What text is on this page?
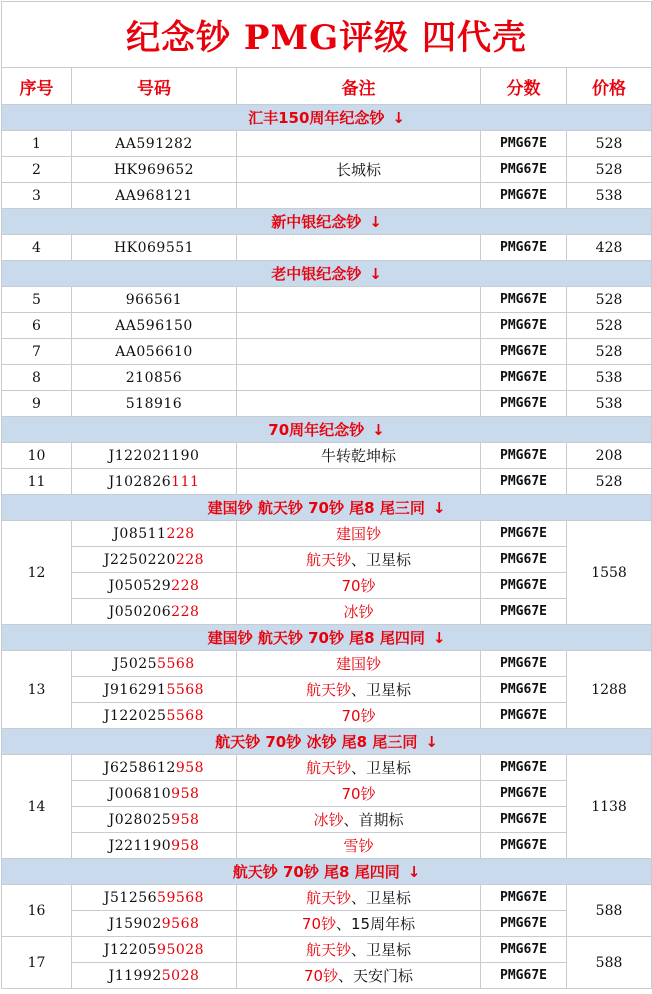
纪念钞 PMG评级 四代壳				
序号	号码	备注	分数	价格
汇丰150周年纪念钞 ↓				
1	AA591282		PMG67E	528
2	HK969652	长城标	PMG67E	528
3	AA968121		PMG67E	538
新中银纪念钞 ↓				
4	HK069551		PMG67E	428
老中银纪念钞 ↓				
5	966561		PMG67E	528
6	AA596150		PMG67E	528
7	AA056610		PMG67E	528
8	210856		PMG67E	538
9	518916		PMG67E	538
70周年纪念钞 ↓				
10	J122021190	牛转乾坤标	PMG67E	208
11	J102826111		PMG67E	528
建国钞 航天钞 70钞 尾8 尾三同 ↓				
12	J08511228	建国钞	PMG67E	1558
	J2250220228	航天钞、卫星标	PMG67E	
	J050529228	70钞	PMG67E	
	J050206228	冰钞	PMG67E	
建国钞 航天钞 70钞 尾8 尾四同 ↓				
13	J50255568	建国钞	PMG67E	1288
	J9162915568	航天钞、卫星标	PMG67E	
	J1220255568	70钞	PMG67E	
航天钞 70钞 冰钞 尾8 尾三同 ↓				
14	J6258612958	航天钞、卫星标	PMG67E	1138
	J006810958	70钞	PMG67E	
	J028025958	冰钞、首期标	PMG67E	
	J221190958	雪钞	PMG67E	
航天钞 70钞 尾8 尾四同 ↓				
16	J5125659568	航天钞、卫星标	PMG67E	588
	J159029568	70钞、15周年标	PMG67E	
17	J1220595028	航天钞、卫星标	PMG67E	588
	J119925028	70钞、天安门标	PMG67E	
